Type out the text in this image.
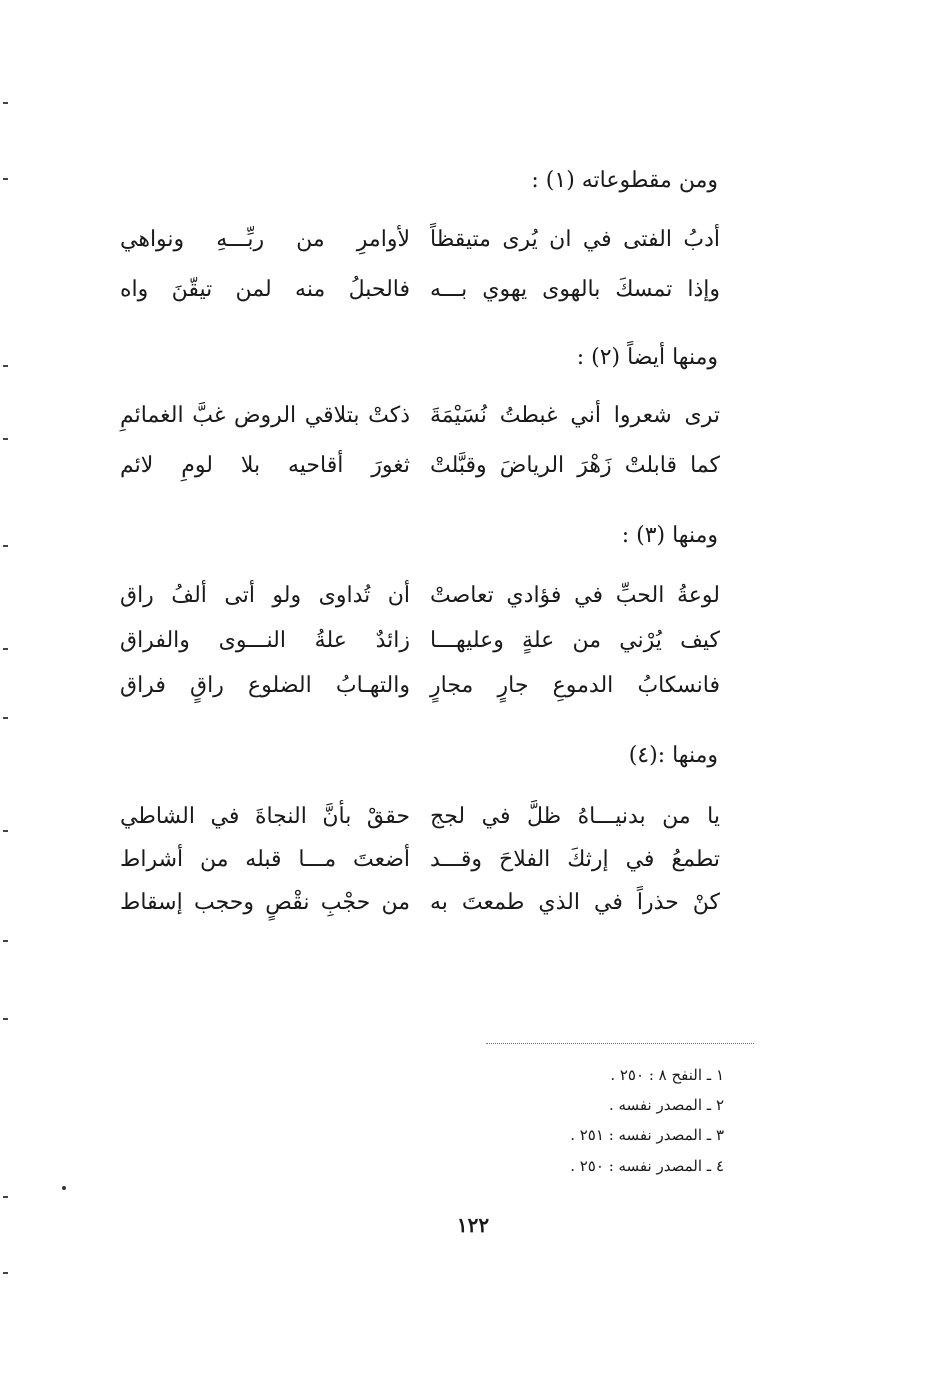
ومن مقطوعاته (١) :
أدبُ الفتى في ان يُرى متيقظاً
لأوامرِ من ربِّـــهِ ونواهي
وإذا تمسكَ بالهوى يهوي بـــه
فالحبلُ منه لمن تيقّنَ واه
ومنها أيضاً (٢) :
ترى شعروا أني غبطتُ نُسَيْمَةَ
ذكتْ بتلاقي الروض غبَّ الغمائمِ
كما قابلتْ زَهْرَ الرياضَ وقبَّلتْ
ثغورَ أقاحيه بلا لومِ لائم
ومنها (٣) :
لوعةُ الحبِّ في فؤادي تعاصتْ
أن تُداوى ولو أتى ألفُ راق
كيف يُرْني من علةٍ وعليهـــا
زائدٌ علةُ النـــوى والفراق
فانسكابُ الدموعِ جارٍ مجارٍ
والتهـابُ الضلوع راقٍ فراق
ومنها :(٤)
يا من بدنيـــاهُ ظلَّ في لجج
حققْ بأنَّ النجاةَ في الشاطي
تطمعُ في إرثكَ الفلاحَ وقـــد
أضعتَ مـــا قبله من أشراط
كنْ حذراً في الذي طمعتَ به
من حجْبِ نقْصٍ وحجب إسقاط
١ ـ النفح ٨ : ٢٥٠ .
٢ ـ المصدر نفسه .
٣ ـ المصدر نفسه : ٢٥١ .
٤ ـ المصدر نفسه : ٢٥٠ .
١٢٢
